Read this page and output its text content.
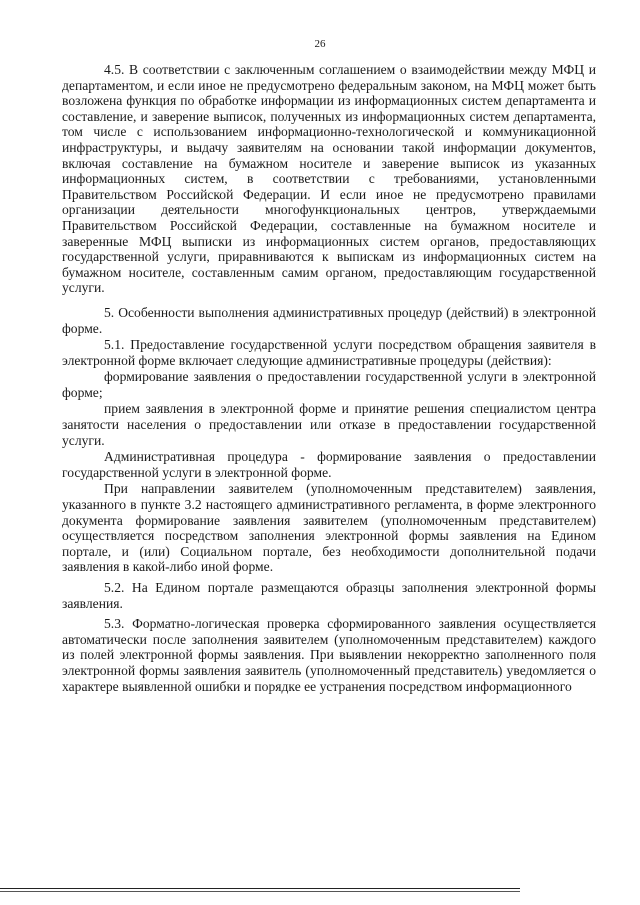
26

4.5. В соответствии с заключенным соглашением о взаимодействии между МФЦ и департаментом, и если иное не предусмотрено федеральным законом, на МФЦ может быть возложена функция по обработке информации из информационных систем департамента и составление, и заверение выписок, полученных из информационных систем департамента, том числе с использованием информационно-технологической и коммуникационной инфраструктуры, и выдачу заявителям на основании такой информации документов, включая составление на бумажном носителе и заверение выписок из указанных информационных систем, в соответствии с требованиями, установленными Правительством Российской Федерации. И если иное не предусмотрено правилами организации деятельности многофункциональных центров, утверждаемыми Правительством Российской Федерации, составленные на бумажном носителе и заверенные МФЦ выписки из информационных систем органов, предоставляющих государственной услуги, приравниваются к выпискам из информационных систем на бумажном носителе, составленным самим органом, предоставляющим государственной услуги.

5. Особенности выполнения административных процедур (действий) в электронной форме.

5.1. Предоставление государственной услуги посредством обращения заявителя в электронной форме включает следующие административные процедуры (действия):

формирование заявления о предоставлении государственной услуги в электронной форме;

прием заявления в электронной форме и принятие решения специалистом центра занятости населения о предоставлении или отказе в предоставлении государственной услуги.

Административная процедура - формирование заявления о предоставлении государственной услуги в электронной форме.

При направлении заявителем (уполномоченным представителем) заявления, указанного в пункте 3.2 настоящего административного регламента, в форме электронного документа формирование заявления заявителем (уполномоченным представителем) осуществляется посредством заполнения электронной формы заявления на Едином портале, и (или) Социальном портале, без необходимости дополнительной подачи заявления в какой-либо иной форме.

5.2. На Едином портале размещаются образцы заполнения электронной формы заявления.

5.3. Форматно-логическая проверка сформированного заявления осуществляется автоматически после заполнения заявителем (уполномоченным представителем) каждого из полей электронной формы заявления. При выявлении некорректно заполненного поля электронной формы заявления заявитель (уполномоченный представитель) уведомляется о характере выявленной ошибки и порядке ее устранения посредством информационного
